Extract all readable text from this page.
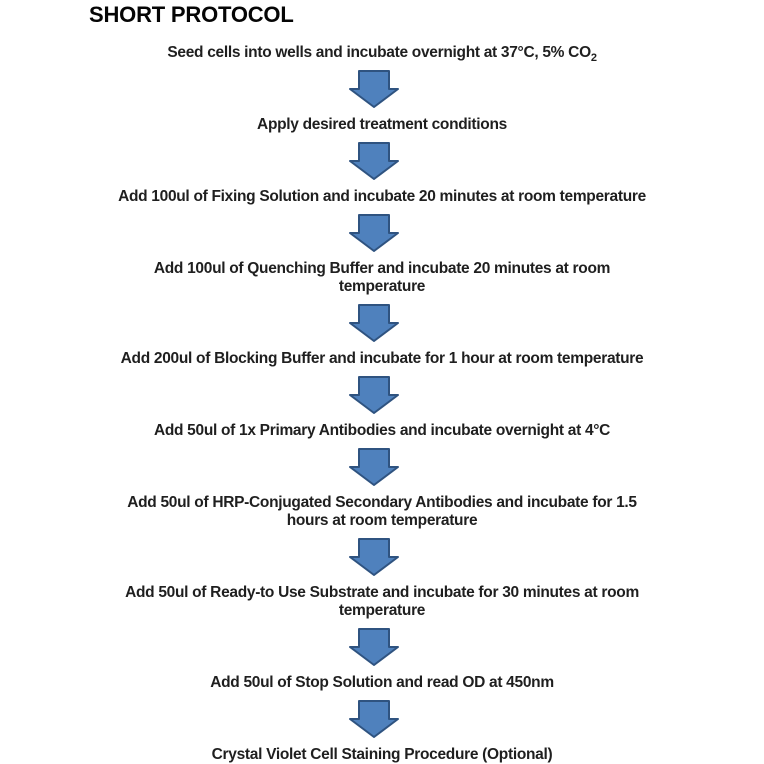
SHORT PROTOCOL
Seed cells into wells and incubate overnight at 37°C, 5% $CO_2$
Apply desired treatment conditions
Add 100ul of Fixing Solution and incubate 20 minutes at room temperature
Add 100ul of Quenching Buffer and incubate 20 minutes at room
temperature
Add 200ul of Blocking Buffer and incubate for 1 hour at room temperature
Add 50ul of 1x Primary Antibodies and incubate overnight at 4°C
Add 50ul of HRP-Conjugated Secondary Antibodies and incubate for 1.5
hours at room temperature
Add 50ul of Ready-to Use Substrate and incubate for 30 minutes at room
temperature
Add 50ul of Stop Solution and read OD at 450nm
Crystal Violet Cell Staining Procedure (Optional)
